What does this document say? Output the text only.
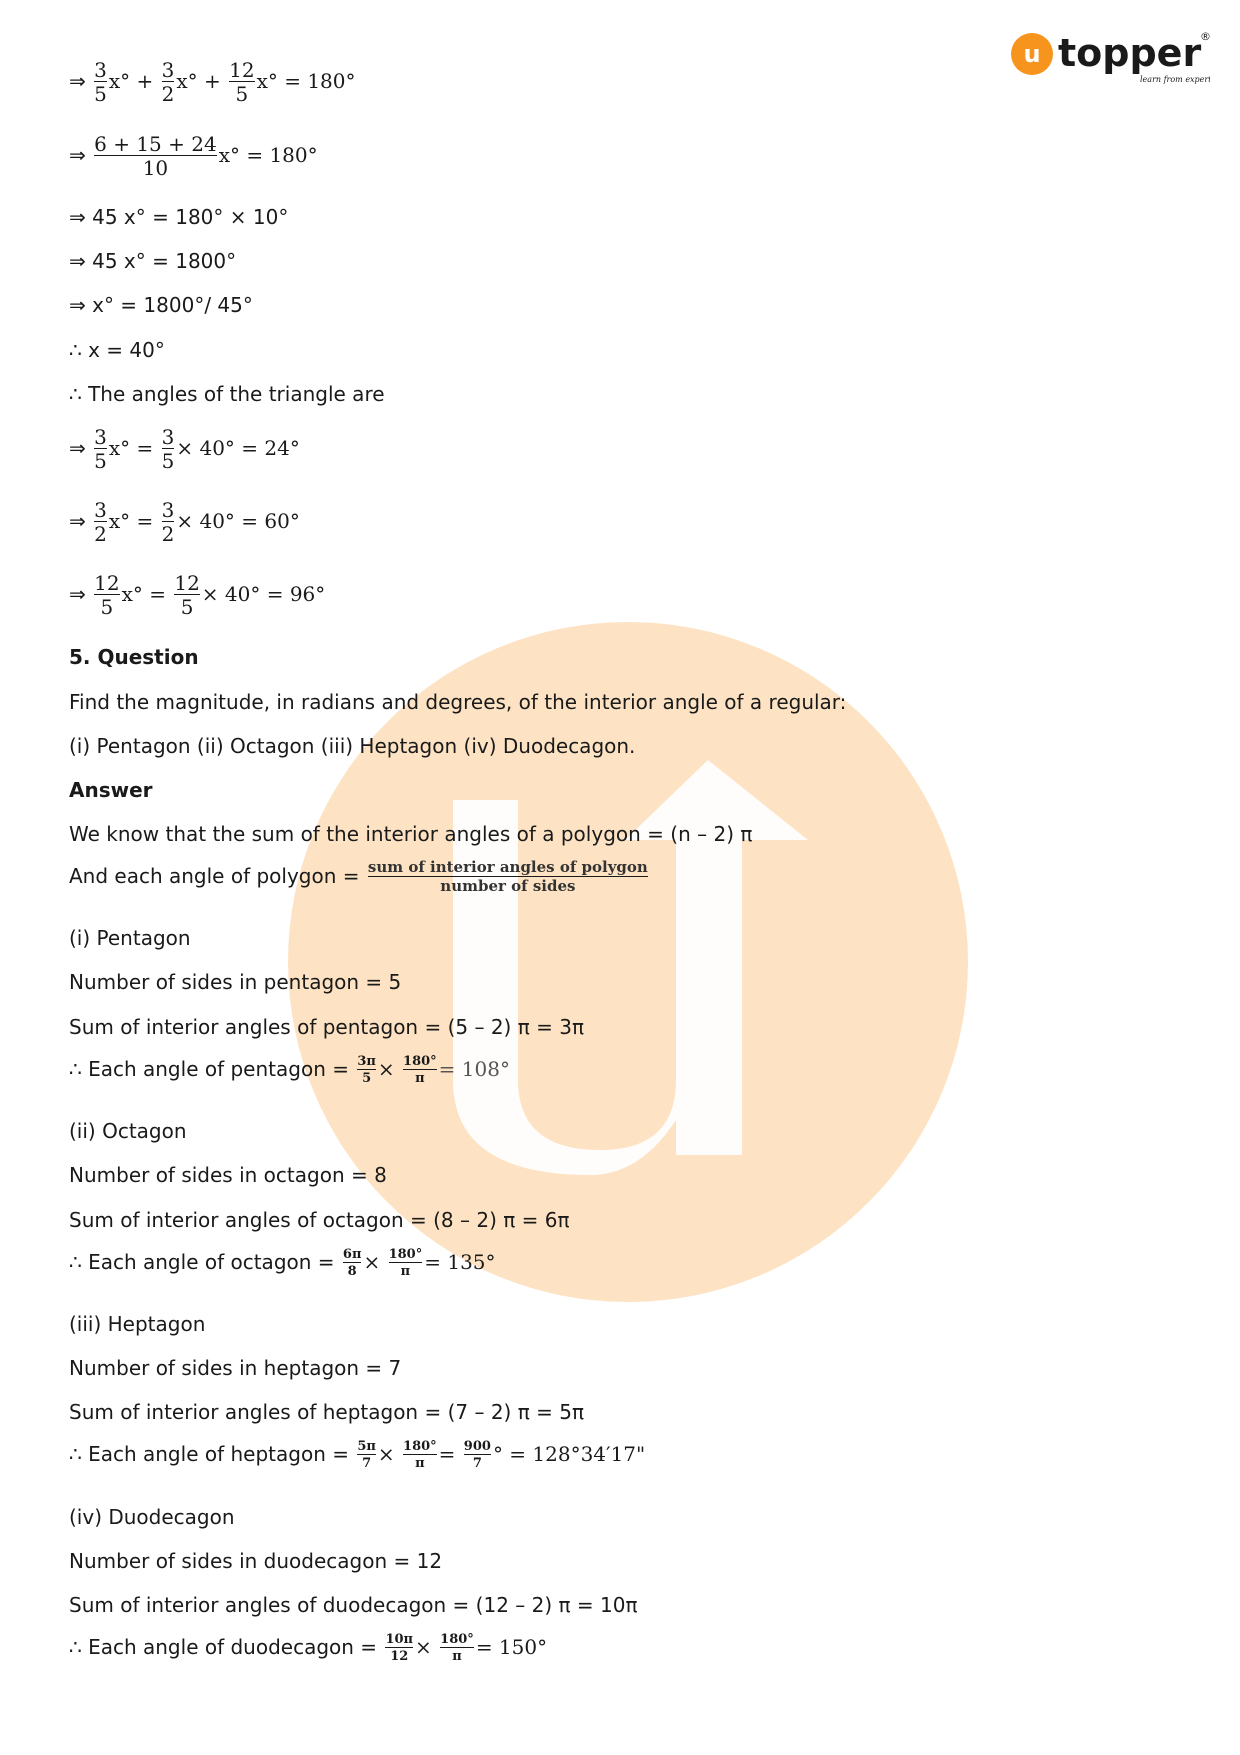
u topper
®
learn from experts
⇒ $\frac{3}{5} x^\circ + \frac{3}{2} x^\circ + \frac{12}{5} x^\circ = 180^\circ$
⇒ $\frac{6 + 15 + 24}{10} x^\circ = 180^\circ$
⇒ 45 x° = 180° × 10°
⇒ 45 x° = 1800°
⇒ x° = 1800°/ 45°
∴ x = 40°
∴ The angles of the triangle are
⇒ $\frac{3}{5} x^\circ = \frac{3}{5} \times 40^\circ = 24^\circ$
⇒ $\frac{3}{2} x^\circ = \frac{3}{2} \times 40^\circ = 60^\circ$
⇒ $\frac{12}{5} x^\circ = \frac{12}{5} \times 40^\circ = 96^\circ$
5. Question
Find the magnitude, in radians and degrees, of the interior angle of a regular:
(i) Pentagon (ii) Octagon (iii) Heptagon (iv) Duodecagon.
Answer
We know that the sum of the interior angles of a polygon = (n – 2) π
And each angle of polygon = $\frac{\text{sum of interior angles of polygon}}{\text{number of sides}}$
(i) Pentagon
Number of sides in pentagon = 5
Sum of interior angles of pentagon = (5 – 2) π = 3π
∴ Each angle of pentagon = $\frac{3\pi}{5} \times \frac{180^\circ}{\pi} = 108^\circ$
(ii) Octagon
Number of sides in octagon = 8
Sum of interior angles of octagon = (8 – 2) π = 6π
∴ Each angle of octagon = $\frac{6\pi}{8} \times \frac{180^\circ}{\pi} = 135^\circ$
(iii) Heptagon
Number of sides in heptagon = 7
Sum of interior angles of heptagon = (7 – 2) π = 5π
∴ Each angle of heptagon = $\frac{5\pi}{7} \times \frac{180^\circ}{\pi} = \frac{900}{7}$ ° = 128°34′17"
(iv) Duodecagon
Number of sides in duodecagon = 12
Sum of interior angles of duodecagon = (12 – 2) π = 10π
∴ Each angle of duodecagon = $\frac{10\pi}{12} \times \frac{180^\circ}{\pi} = 150^\circ$
